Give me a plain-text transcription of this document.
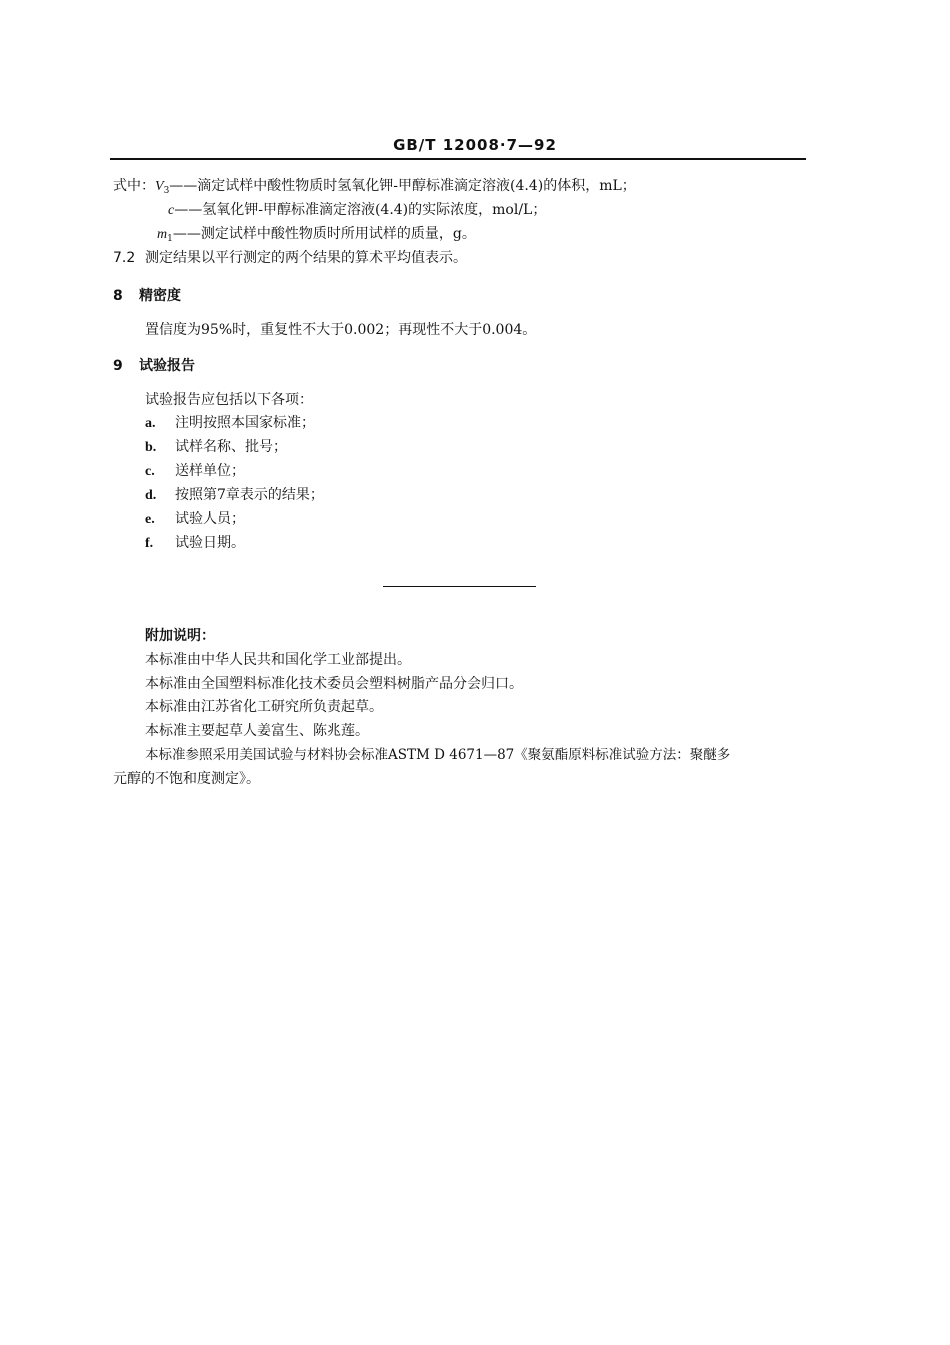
GB/T 12008·7—92
式中：$V_3——$滴定试样中酸性物质时氢氧化钾-甲醇标准滴定溶液(4.4)的体积，mL；
c——氢氧化钾-甲醇标准滴定溶液(4.4)的实际浓度，mol/L；
$m_1——$测定试样中酸性物质时所用试样的质量，g。
7.2 测定结果以平行测定的两个结果的算术平均值表示。
8 精密度
置信度为95%时，重复性不大于0.002；再现性不大于0.004。
9 试验报告
试验报告应包括以下各项：
a. 注明按照本国家标准；
b. 试样名称、批号；
c. 送样单位；
d. 按照第7章表示的结果；
e. 试验人员；
f. 试验日期。
附加说明：
本标准由中华人民共和国化学工业部提出。
本标准由全国塑料标准化技术委员会塑料树脂产品分会归口。
本标准由江苏省化工研究所负责起草。
本标准主要起草人姜富生、陈兆莲。
本标准参照采用美国试验与材料协会标准ASTM D 4671—87《聚氨酯原料标准试验方法：聚醚多
元醇的不饱和度测定》。
